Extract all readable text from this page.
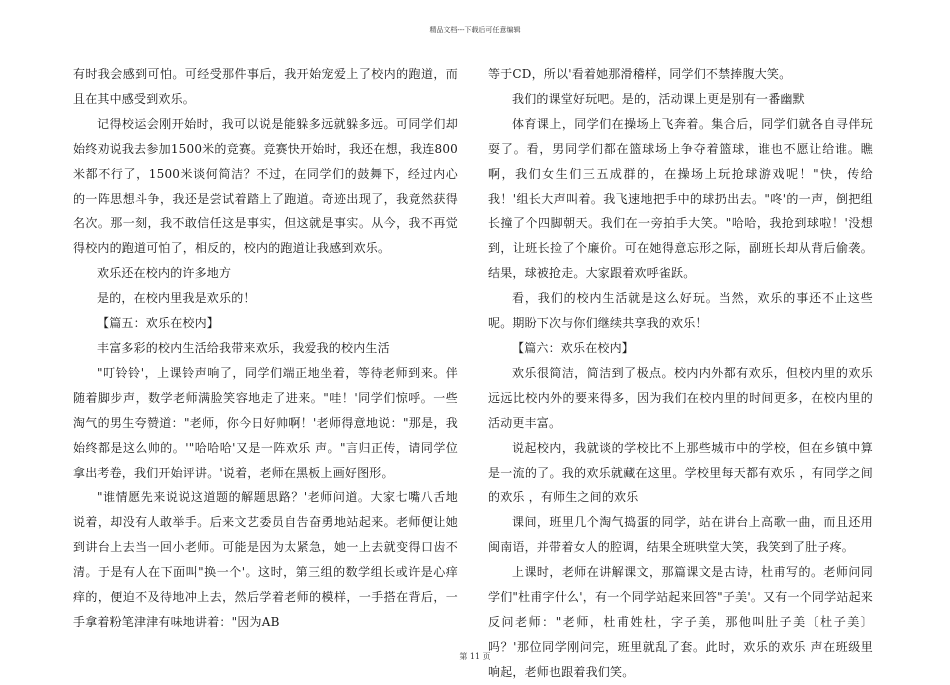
精品文档---下载后可任意编辑

有时我会感到可怕。可经受那件事后，我开始宠爱上了校内的跑道，而且在其中感受到欢乐。

记得校运会刚开始时，我可以说是能躲多远就躲多远。可同学们却始终劝说我去参加1500米的竞赛。竞赛快开始时，我还在想，我连800米都不行了，1500米谈何简洁？不过，在同学们的鼓舞下，经过内心的一阵思想斗争，我还是尝试着踏上了跑道。奇迹出现了，我竟然获得名次。那一刻，我不敢信任这是事实，但这就是事实。从今，我不再觉得校内的跑道可怕了，相反的，校内的跑道让我感到欢乐。

欢乐还在校内的许多地方

是的，在校内里我是欢乐的！

【篇五：欢乐在校内】

丰富多彩的校内生活给我带来欢乐，我爱我的校内生活

"叮铃铃'，上课铃声响了，同学们端正地坐着，等待老师到来。伴随着脚步声，数学老师满脸笑容地走了进来。"哇！'同学们惊呼。一些淘气的男生夸赞道："老师，你今日好帅啊！'老师得意地说："那是，我始终都是这么帅的。'"哈哈哈'又是一阵欢乐 声。"言归正传，请同学位拿出考卷，我们开始评讲。'说着，老师在黑板上画好图形。

"谁情愿先来说说这道题的解题思路？'老师问道。大家七嘴八舌地说着，却没有人敢举手。后来文艺委员自告奋勇地站起来。老师便让她到讲台上去当一回小老师。可能是因为太紧急，她一上去就变得口齿不清。于是有人在下面叫"换一个'。这时，第三组的数学组长或许是心痒痒的，便迫不及待地冲上去，然后学着老师的模样，一手搭在背后，一手拿着粉笔津津有味地讲着："因为AB

等于CD，所以'看着她那滑稽样，同学们不禁捧腹大笑。

我们的课堂好玩吧。是的，活动课上更是别有一番幽默

体育课上，同学们在操场上飞奔着。集合后，同学们就各自寻伴玩耍了。看，男同学们都在篮球场上争夺着篮球，谁也不愿让给谁。瞧啊，我们女生们三五成群的，在操场上玩抢球游戏呢！"快，传给我！'组长大声叫着。我飞速地把手中的球扔出去。"咚'的一声，倒把组长撞了个四脚朝天。我们在一旁拍手大笑。"哈哈，我抢到球啦！'没想到，让班长捡了个廉价。可在她得意忘形之际，副班长却从背后偷袭。结果，球被抢走。大家跟着欢呼雀跃。

看，我们的校内生活就是这么好玩。当然，欢乐的事还不止这些呢。期盼下次与你们继续共享我的欢乐！

【篇六：欢乐在校内】

欢乐很简洁，简洁到了极点。校内内外都有欢乐，但校内里的欢乐远远比校内外的要来得多，因为我们在校内里的时间更多，在校内里的活动更丰富。

说起校内，我就谈的学校比不上那些城市中的学校，但在乡镇中算是一流的了。我的欢乐就藏在这里。学校里每天都有欢乐 ，有同学之间的欢乐 ，有师生之间的欢乐

课间，班里几个淘气捣蛋的同学，站在讲台上高歌一曲，而且还用闽南语，并带着女人的腔调，结果全班哄堂大笑，我笑到了肚子疼。

上课时，老师在讲解课文，那篇课文是古诗，杜甫写的。老师问同学们"杜甫字什么'，有一个同学站起来回答"子美'。又有一个同学站起来反问老师："老师，杜甫姓杜，字子美，那他叫肚子美〔杜子美〕吗？'那位同学刚问完，班里就乱了套。此时，欢乐的欢乐 声在班级里响起，老师也跟着我们笑。

第 11 页
